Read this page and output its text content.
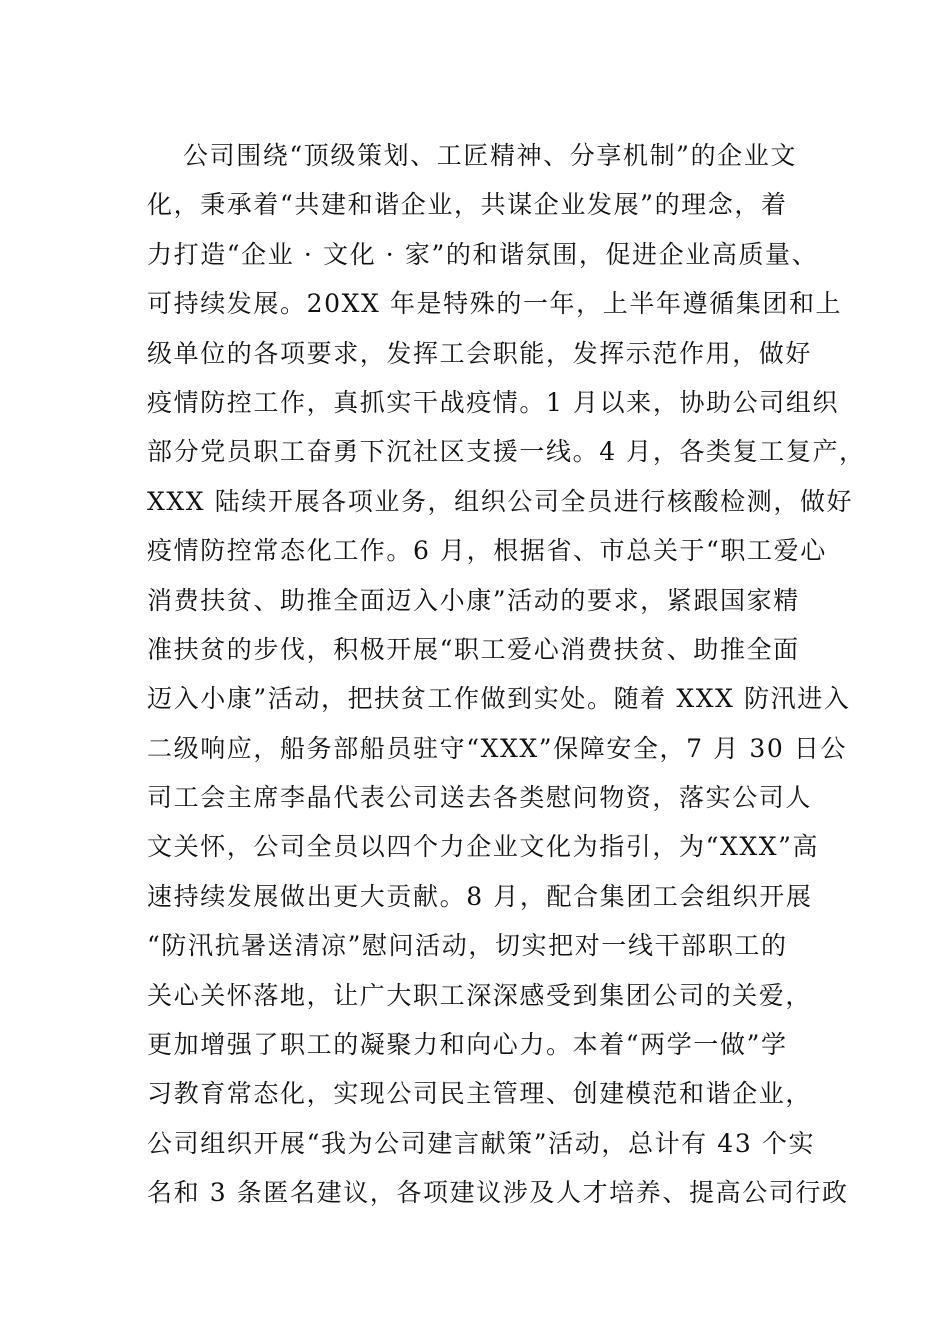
公司围绕“顶级策划、工匠精神、分享机制”的企业文
化，秉承着“共建和谐企业，共谋企业发展”的理念，着
力打造“企业 · 文化 · 家”的和谐氛围，促进企业高质量、
可持续发展。20XX 年是特殊的一年，上半年遵循集团和上
级单位的各项要求，发挥工会职能，发挥示范作用，做好
疫情防控工作，真抓实干战疫情。1 月以来，协助公司组织
部分党员职工奋勇下沉社区支援一线。4 月，各类复工复产，
XXX 陆续开展各项业务，组织公司全员进行核酸检测，做好
疫情防控常态化工作。6 月，根据省、市总关于“职工爱心
消费扶贫、助推全面迈入小康”活动的要求，紧跟国家精
准扶贫的步伐，积极开展“职工爱心消费扶贫、助推全面
迈入小康”活动，把扶贫工作做到实处。随着 XXX 防汛进入
二级响应，船务部船员驻守“XXX”保障安全，7 月 30 日公
司工会主席李晶代表公司送去各类慰问物资，落实公司人
文关怀，公司全员以四个力企业文化为指引，为“XXX”高
速持续发展做出更大贡献。8 月，配合集团工会组织开展
“防汛抗暑送清凉”慰问活动，切实把对一线干部职工的
关心关怀落地，让广大职工深深感受到集团公司的关爱，
更加增强了职工的凝聚力和向心力。本着“两学一做”学
习教育常态化，实现公司民主管理、创建模范和谐企业，
公司组织开展“我为公司建言献策”活动，总计有 43 个实
名和 3 条匿名建议，各项建议涉及人才培养、提高公司行政
